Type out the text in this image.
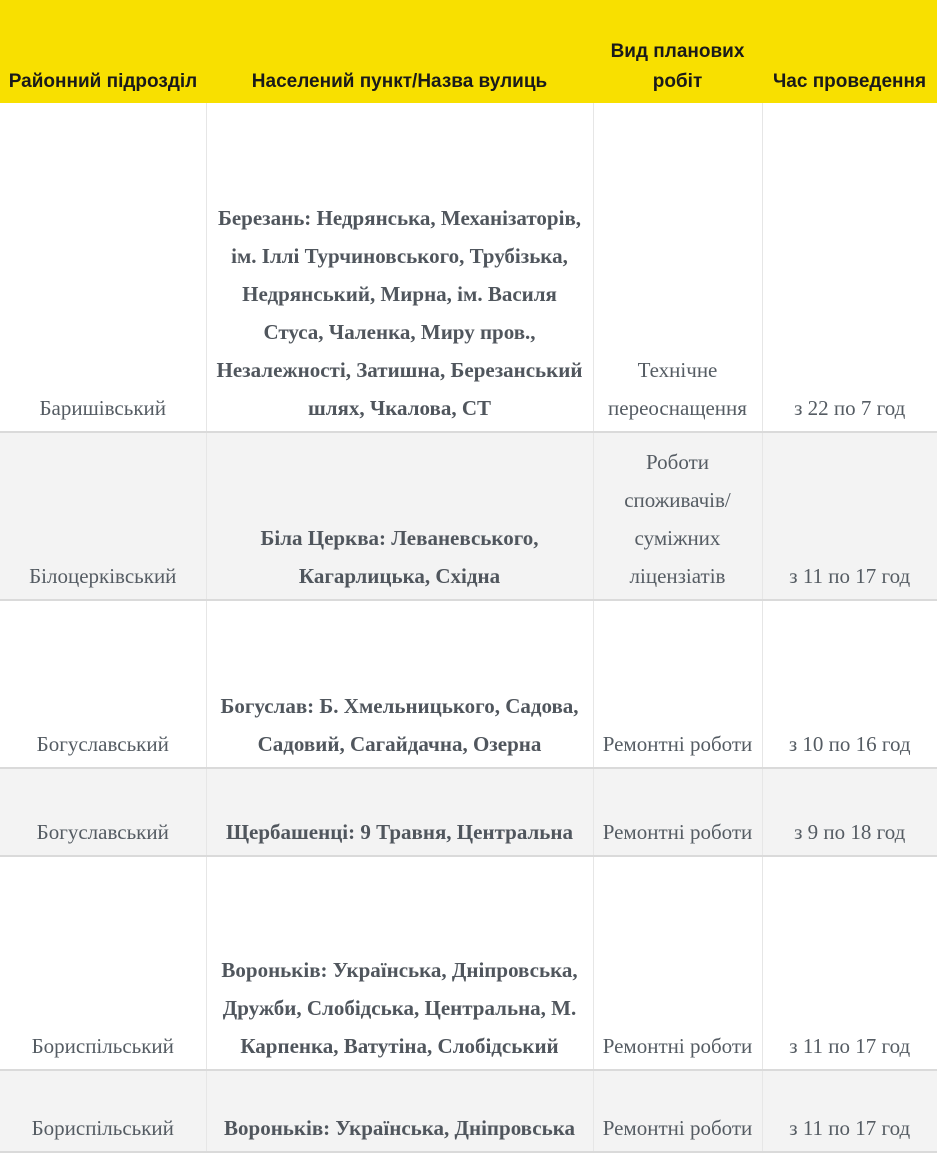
Районний підрозділ	Населений пункт/Назва вулиць	Вид планових робіт	Час проведення
Баришівський	Березань: Недрянська, Механізаторів, ім. Іллі Турчиновського, Трубізька, Недрянський, Мирна, ім. Василя Стуса, Чаленка, Миру пров., Незалежності, Затишна, Березанський шлях, Чкалова, СТ	Технічне переоснащення	з 22 по 7 год
Білоцерківський	Біла Церква: Леваневського, Кагарлицька, Східна	Роботи споживачів/ суміжних ліцензіатів	з 11 по 17 год
Богуславський	Богуслав: Б. Хмельницького, Садова, Садовий, Сагайдачна, Озерна	Ремонтні роботи	з 10 по 16 год
Богуславський	Щербашенці: 9 Травня, Центральна	Ремонтні роботи	з 9 по 18 год
Бориспільський	Вороньків: Українська, Дніпровська, Дружби, Слобідська, Центральна, М. Карпенка, Ватутіна, Слобідський	Ремонтні роботи	з 11 по 17 год
Бориспільський	Вороньків: Українська, Дніпровська	Ремонтні роботи	з 11 по 17 год
